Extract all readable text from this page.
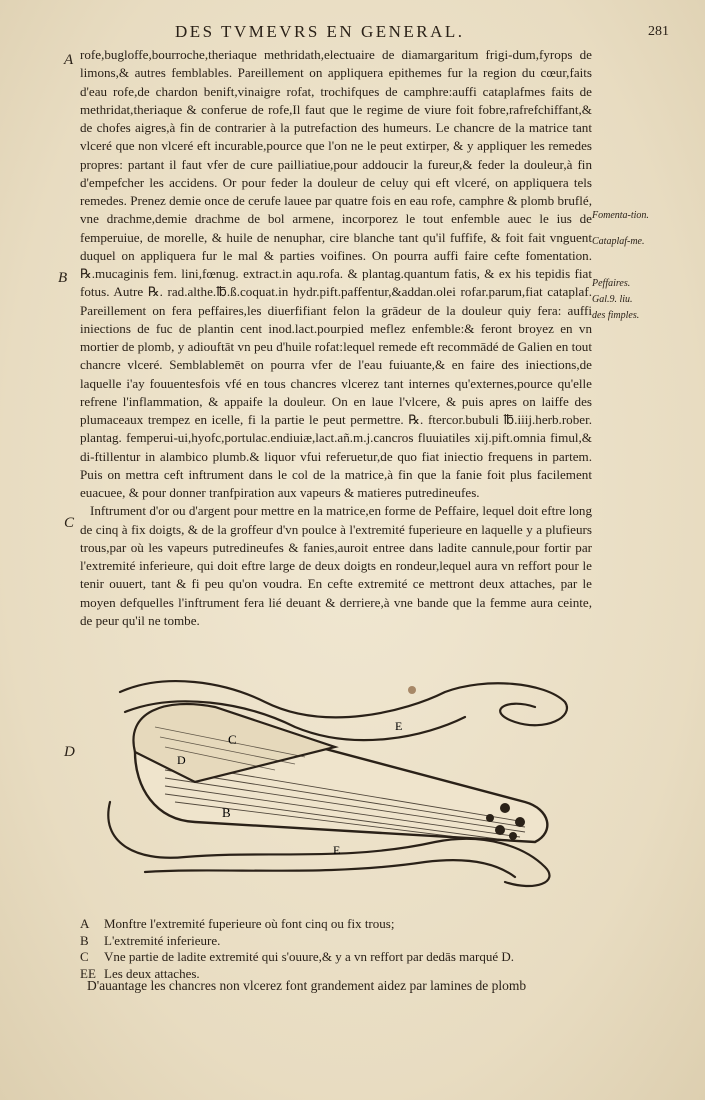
DES TVMEVRS EN GENERAL.	281
A
B
C
D

rofe,bugloffe,bourroche,theriaque methridath,electuaire de diamargaritum frigi-dum,fyrops de limons,& autres femblables. Pareillement on appliquera epithemes fur la region du cœur,faits d'eau rofe,de chardon benift,vinaigre rofat, trochifques de camphre:auffi cataplafmes faits de methridat,theriaque & conferue de rofe,Il faut que le regime de viure foit fobre,rafrefchiffant,& de chofes aigres,à fin de contrarier à la putrefaction des humeurs. Le chancre de la matrice tant vlceré que non vlceré eft incurable,pource que l'on ne le peut extirper, & y appliquer les remedes propres: partant il faut vfer de cure pailliatiue,pour addoucir la fureur,& feder la douleur,à fin d'empefcher les accidens. Or pour feder la douleur de celuy qui eft vlceré, on appliquera tels remedes. Prenez demie once de cerufe lauee par quatre fois en eau rofe, camphre & plomb bruflé, vne drachme,demie drachme de bol armene, incorporez le tout enfemble auec le ius de femperuiue, de morelle, & huile de nenuphar, cire blanche tant qu'il fuffife, & foit fait vnguent duquel on appliquera fur le mal & parties voifines. On pourra auffi faire cefte fomentation. ℞.mucaginis fem. lini,fœnug. extract.in aqu.rofa. & plantag.quantum fatis, & ex his tepidis fiat fotus. Autre ℞. rad.althe.℔.ß.coquat.in hydr.pift.paffentur,&addan.olei rofar.parum,fiat cataplaf. Pareillement on fera peffaires,les diuerfifiant felon la grādeur de la douleur quiy fera: auffi iniections de fuc de plantin cent inod.lact.pourpied meflez enfemble:& feront broyez en vn mortier de plomb, y adiouftāt vn peu d'huile rofat:lequel remede eft recommādé de Galien en tout chancre vlceré. Semblablemēt on pourra vfer de l'eau fuiuante,& en faire des iniections,de laquelle i'ay fouuentesfois vfé en tous chancres vlcerez tant internes qu'externes,pource qu'elle refrene l'inflammation, & appaife la douleur. On en laue l'vlcere, & puis apres on laiffe des plumaceaux trempez en icelle, fi la partie le peut permettre. ℞. ftercor.bubuli ℔.iiij.herb.rober. plantag. femperui-ui,hyofc,portulac.endiuiæ,lact.añ.m.j.cancros fluuiatiles xij.pift.omnia fimul,& di-ftillentur in alambico plumb.& liquor vfui referuetur,de quo fiat iniectio frequens in partem. Puis on mettra ceft inftrument dans le col de la matrice,à fin que la fanie foit plus facilement euacuee, & pour donner tranfpiration aux vapeurs & matieres putredineufes.

Inftrument d'or ou d'argent pour mettre en la matrice,en forme de Peffaire, lequel doit eftre long de cinq à fix doigts, & de la groffeur d'vn poulce à l'extremité fuperieure en laquelle y a plufieurs trous,par où les vapeurs putredineufes & fanies,auroit entree dans ladite cannule,pour fortir par l'extremité inferieure, qui doit eftre large de deux doigts en rondeur,lequel aura vn reffort pour le tenir ouuert, tant & fi peu qu'on voudra. En cefte extremité ce mettront deux attaches, par le moyen defquelles l'inftrument fera lié deuant & derriere,à vne bande que la femme aura ceinte, de peur qu'il ne tombe.

Fomenta-tion.
Cataplaf-me.
Peffaires.
Gal.9. liu.
des fimples.
C
D
B
E
E
A	Monftre l'extremité fuperieure où font cinq ou fix trous;
B	L'extremité inferieure.
C	Vne partie de ladite extremité qui s'ouure,& y a vn reffort par dedās marqué D.
EE Les deux attaches.
D'auantage les chancres non vlcerez font grandement aidez par lamines de plomb
